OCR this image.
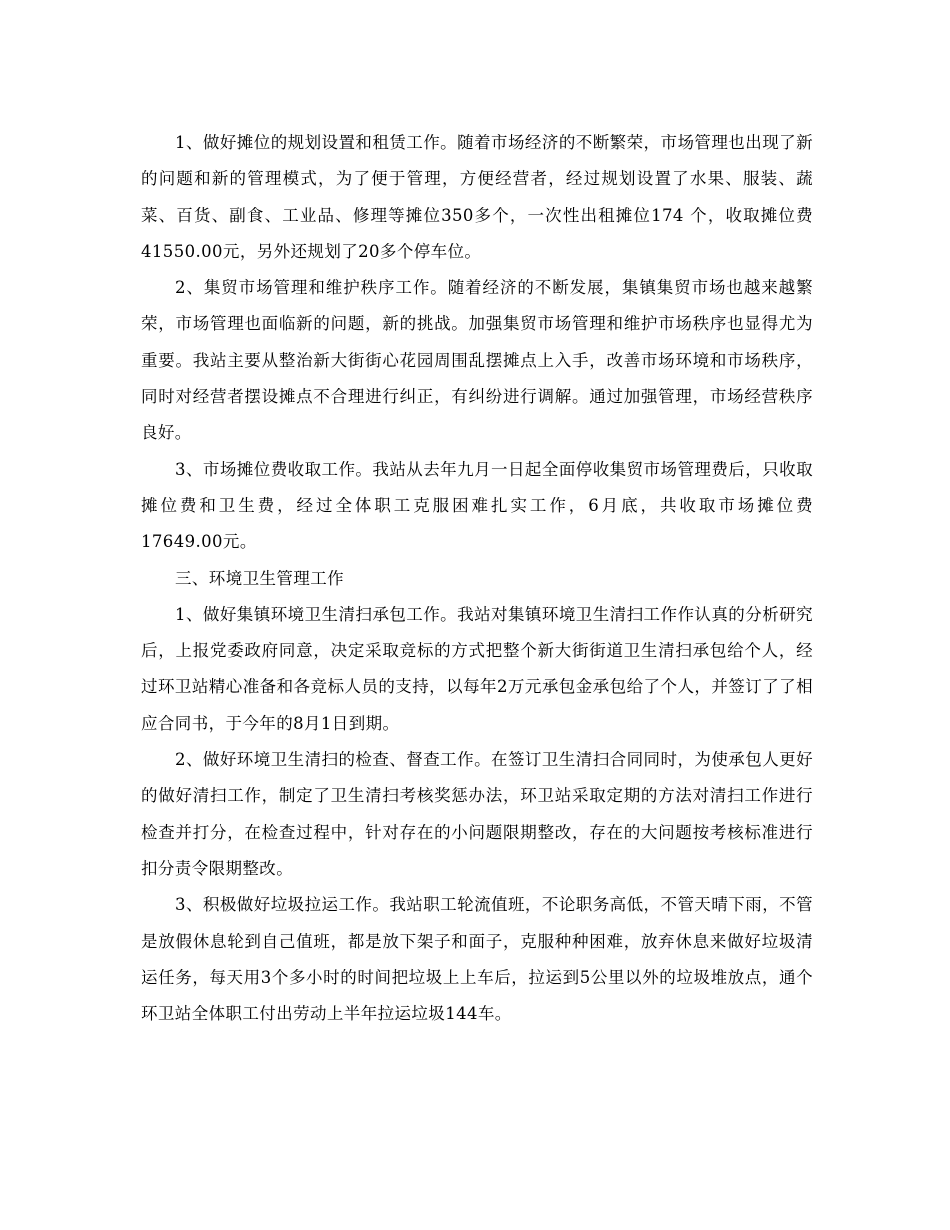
1、做好摊位的规划设置和租赁工作。随着市场经济的不断繁荣，市场管理也出现了新的问题和新的管理模式，为了便于管理，方便经营者，经过规划设置了水果、服装、蔬菜、百货、副食、工业品、修理等摊位350多个，一次性出租摊位174 个，收取摊位费41550.00元，另外还规划了20多个停车位。

2、集贸市场管理和维护秩序工作。随着经济的不断发展，集镇集贸市场也越来越繁荣，市场管理也面临新的问题，新的挑战。加强集贸市场管理和维护市场秩序也显得尤为重要。我站主要从整治新大街街心花园周围乱摆摊点上入手，改善市场环境和市场秩序，同时对经营者摆设摊点不合理进行纠正，有纠纷进行调解。通过加强管理，市场经营秩序良好。

3、市场摊位费收取工作。我站从去年九月一日起全面停收集贸市场管理费后，只收取摊位费和卫生费，经过全体职工克服困难扎实工作，6月底，共收取市场摊位费 17649.00元。

三、环境卫生管理工作

1、做好集镇环境卫生清扫承包工作。我站对集镇环境卫生清扫工作作认真的分析研究后，上报党委政府同意，决定采取竞标的方式把整个新大街街道卫生清扫承包给个人，经过环卫站精心准备和各竞标人员的支持，以每年2万元承包金承包给了个人，并签订了了相应合同书，于今年的8月1日到期。

2、做好环境卫生清扫的检查、督查工作。在签订卫生清扫合同同时，为使承包人更好的做好清扫工作，制定了卫生清扫考核奖惩办法，环卫站采取定期的方法对清扫工作进行检查并打分，在检查过程中，针对存在的小问题限期整改，存在的大问题按考核标准进行扣分责令限期整改。

3、积极做好垃圾拉运工作。我站职工轮流值班，不论职务高低，不管天晴下雨，不管是放假休息轮到自己值班，都是放下架子和面子，克服种种困难，放弃休息来做好垃圾清运任务，每天用3个多小时的时间把垃圾上上车后，拉运到5公里以外的垃圾堆放点，通个环卫站全体职工付出劳动上半年拉运垃圾144车。
